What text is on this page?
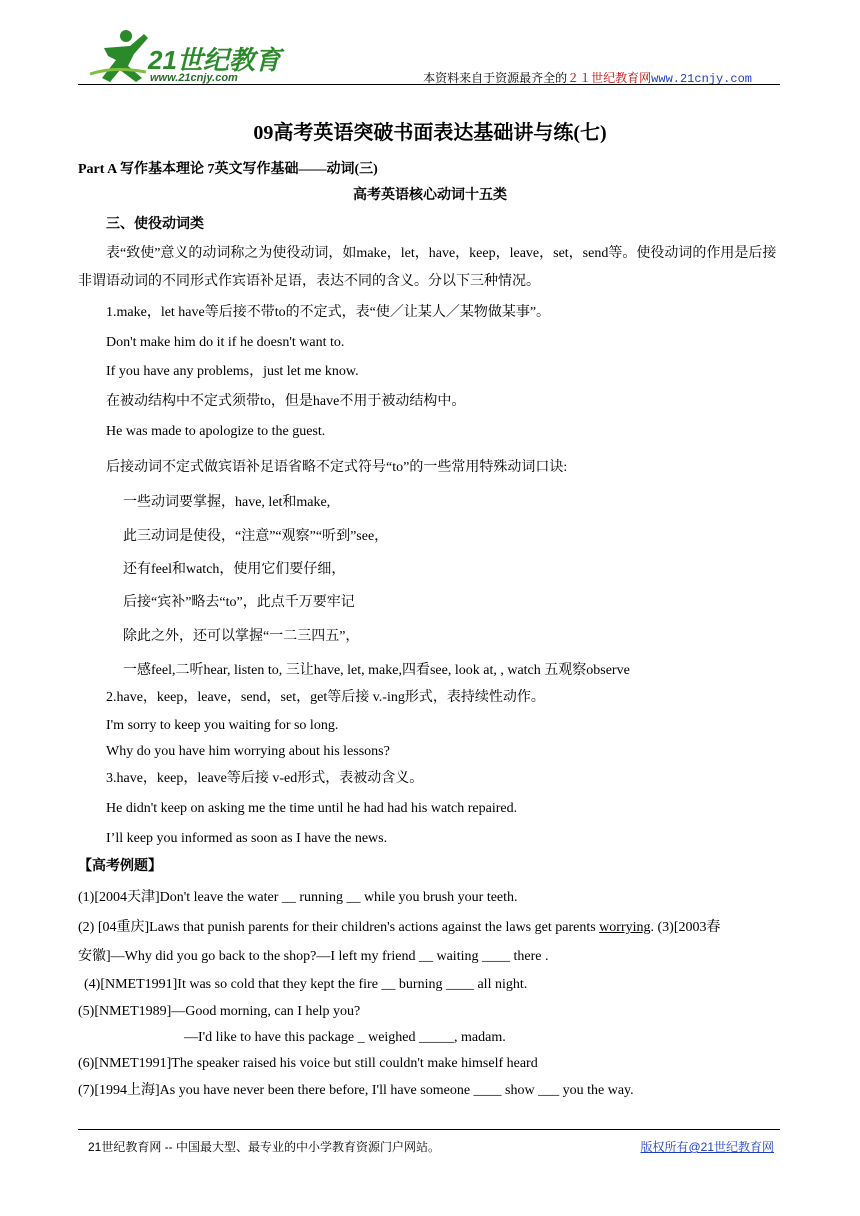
21世纪教育
www.21cnjy.com	本资料来自于资源最齐全的２１世纪教育网www.21cnjy.com
09高考英语突破书面表达基础讲与练(七)
Part A 写作基本理论 7英文写作基础——动词(三)
高考英语核心动词十五类
三、使役动词类
表“致使”意义的动词称之为使役动词，如make，let，have，keep，leave，set，send等。使役动词的作用是后接非谓语动词的不同形式作宾语补足语，表达不同的含义。分以下三种情况。
1.make，let have等后接不带to的不定式，表“使／让某人／某物做某事”。
Don't make him do it if he doesn't want to.
If you have any problems，just let me know.
在被动结构中不定式须带to，但是have不用于被动结构中。
He was made to apologize to the guest.
后接动词不定式做宾语补足语省略不定式符号“to”的一些常用特殊动词口诀:
一些动词要掌握，have, let和make,
此三动词是使役，“注意”“观察”“听到”see，
还有feel和watch，使用它们要仔细，
后接“宾补”略去“to”，此点千万要牢记
除此之外，还可以掌握“一二三四五”，
一感feel,二听hear, listen to, 三让have, let, make,四看see, look at, , watch 五观察observe
2.have，keep，leave，send，set，get等后接 v.-ing形式，表持续性动作。
I'm sorry to keep you waiting for so long.
Why do you have him worrying about his lessons?
3.have，keep，leave等后接 v-ed形式，表被动含义。
He didn't keep on asking me the time until he had had his watch repaired.
I’ll keep you informed as soon as I have the news.
【高考例题】
(1)[2004天津]Don't leave the water __ running __ while you brush your teeth.
(2) [04重庆]Laws that punish parents for their children's actions against the laws get parents worrying. (3)[2003春
安徽]—Why did you go back to the shop?—I left my friend __ waiting ____ there .
(4)[NMET1991]It was so cold that they kept the fire __ burning ____ all night.
(5)[NMET1989]—Good morning, can I help you?
—I'd like to have this package _ weighed _____, madam.
(6)[NMET1991]The speaker raised his voice but still couldn't make himself heard
(7)[1994上海]As you have never been there before, I'll have someone ____ show ___ you the way.
21世纪教育网 -- 中国最大型、最专业的中小学教育资源门户网站。	版权所有@21世纪教育网
